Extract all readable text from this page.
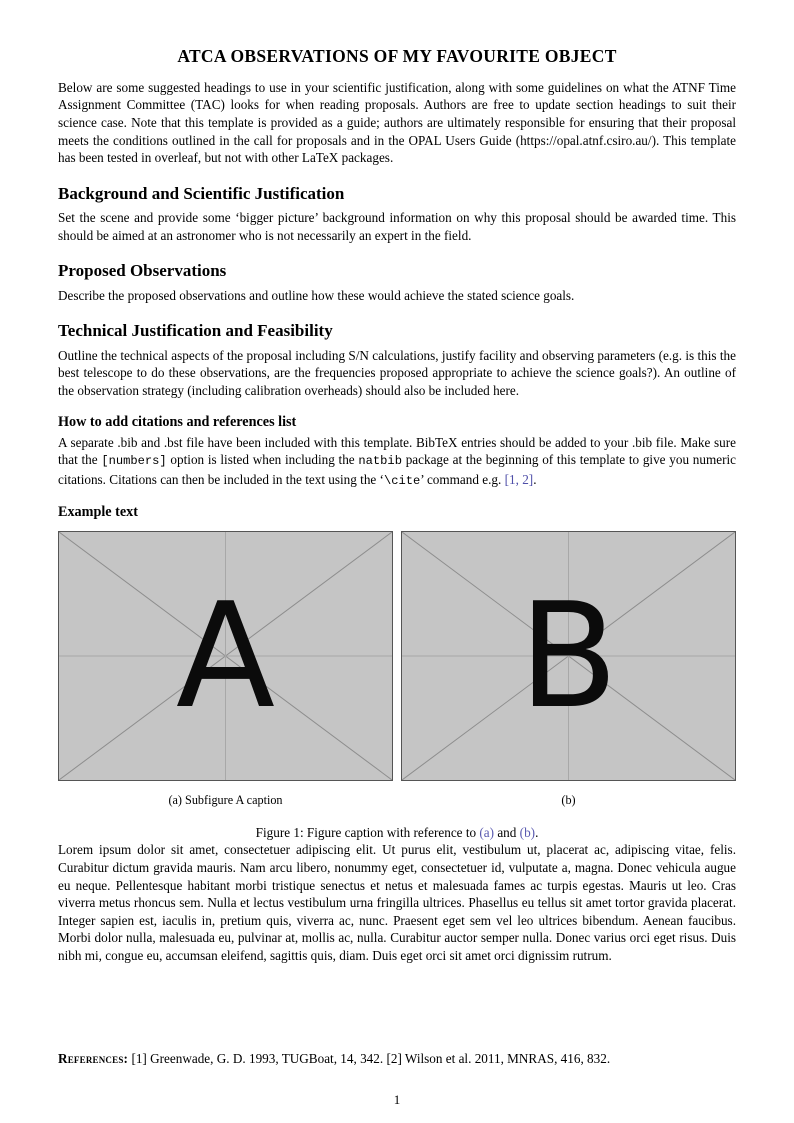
ATCA OBSERVATIONS OF MY FAVOURITE OBJECT

Below are some suggested headings to use in your scientific justification, along with some guidelines on what the ATNF Time Assignment Committee (TAC) looks for when reading proposals. Authors are free to update section headings to suit their science case. Note that this template is provided as a guide; authors are ultimately responsible for ensuring that their proposal meets the conditions outlined in the call for proposals and in the OPAL Users Guide (https://opal.atnf.csiro.au/). This template has been tested in overleaf, but not with other LaTeX packages.

Background and Scientific Justification

Set the scene and provide some ‘bigger picture’ background information on why this proposal should be awarded time. This should be aimed at an astronomer who is not necessarily an expert in the field.

Proposed Observations

Describe the proposed observations and outline how these would achieve the stated science goals.

Technical Justification and Feasibility

Outline the technical aspects of the proposal including S/N calculations, justify facility and observing parameters (e.g. is this the best telescope to do these observations, are the frequencies proposed appropriate to achieve the science goals?). An outline of the observation strategy (including calibration overheads) should also be included here.

How to add citations and references list

A separate .bib and .bst file have been included with this template. BibTeX entries should be added to your .bib file. Make sure that the [numbers] option is listed when including the natbib package at the beginning of this template to give you numeric citations. Citations can then be included in the text using the ‘\cite’ command e.g. [1, 2].

Example text
A
(a) Subfigure A caption
B
(b)
Figure 1: Figure caption with reference to (a) and (b).

Lorem ipsum dolor sit amet, consectetuer adipiscing elit. Ut purus elit, vestibulum ut, placerat ac, adipiscing vitae, felis. Curabitur dictum gravida mauris. Nam arcu libero, nonummy eget, consectetuer id, vulputate a, magna. Donec vehicula augue eu neque. Pellentesque habitant morbi tristique senectus et netus et malesuada fames ac turpis egestas. Mauris ut leo. Cras viverra metus rhoncus sem. Nulla et lectus vestibulum urna fringilla ultrices. Phasellus eu tellus sit amet tortor gravida placerat. Integer sapien est, iaculis in, pretium quis, viverra ac, nunc. Praesent eget sem vel leo ultrices bibendum. Aenean faucibus. Morbi dolor nulla, malesuada eu, pulvinar at, mollis ac, nulla. Curabitur auctor semper nulla. Donec varius orci eget risus. Duis nibh mi, congue eu, accumsan eleifend, sagittis quis, diam. Duis eget orci sit amet orci dignissim rutrum.

References: [1] Greenwade, G. D. 1993, TUGBoat, 14, 342. [2] Wilson et al. 2011, MNRAS, 416, 832.
1
